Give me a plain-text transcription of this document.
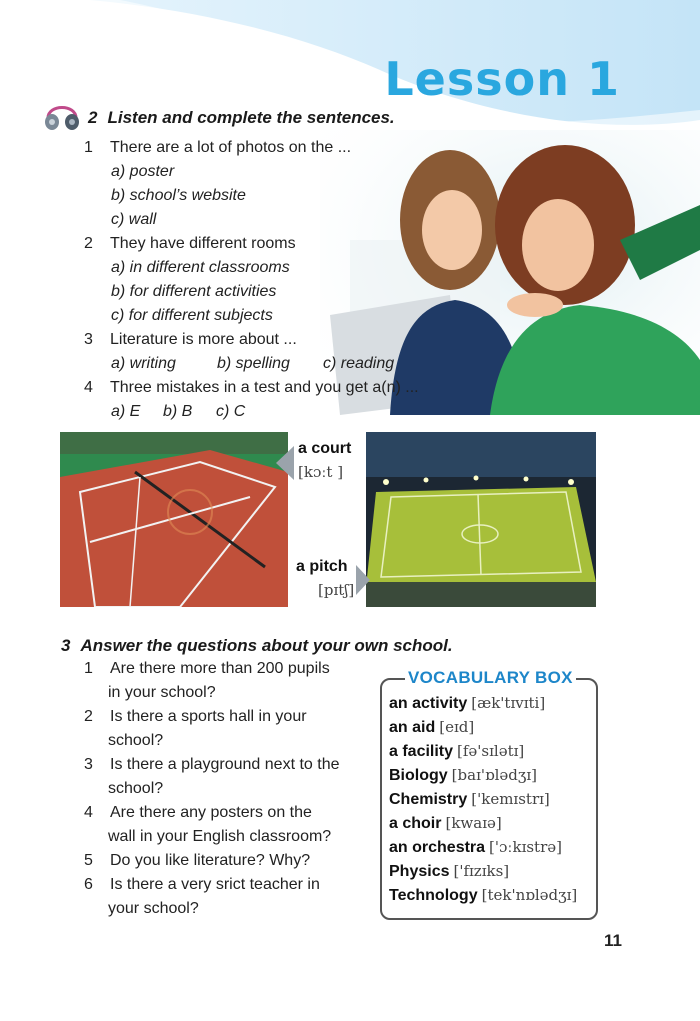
Lesson 1
2 Listen and complete the sentences.
1 There are a lot of photos on the ...
a) poster
b) school’s website
c) wall
2 They have different rooms
a) in different classrooms
b) for different activities
c) for different subjects
3 Literature is more about ...
a) writing	b) spelling c) reading
4 Three mistakes in a test and you get a(n) ...
a) E b) B c) C
a court
[kɔːt ]
a pitch
[pɪtʃ]
3 Answer the questions about your own school.
1 Are there more than 200 pupils
in your school?
2 Is there a sports hall in your
school?
3 Is there a playground next to the
school?
4 Are there any posters on the
wall in your English classroom?
5 Do you like literature? Why?
6 Is there a very srict teacher in
your school?
VOCABULARY BOX
an activity [æk'tɪvɪti]
an aid [eɪd]
a facility [fə'sɪlətɪ]
Biology [baɪ'ɒlədʒɪ]
Chemistry ['kemɪstrɪ]
a choir [kwaɪə]
an orchestra ['ɔːkɪstrə]
Physics ['fɪzɪks]
Technology [tek'nɒlədʒɪ]
11
